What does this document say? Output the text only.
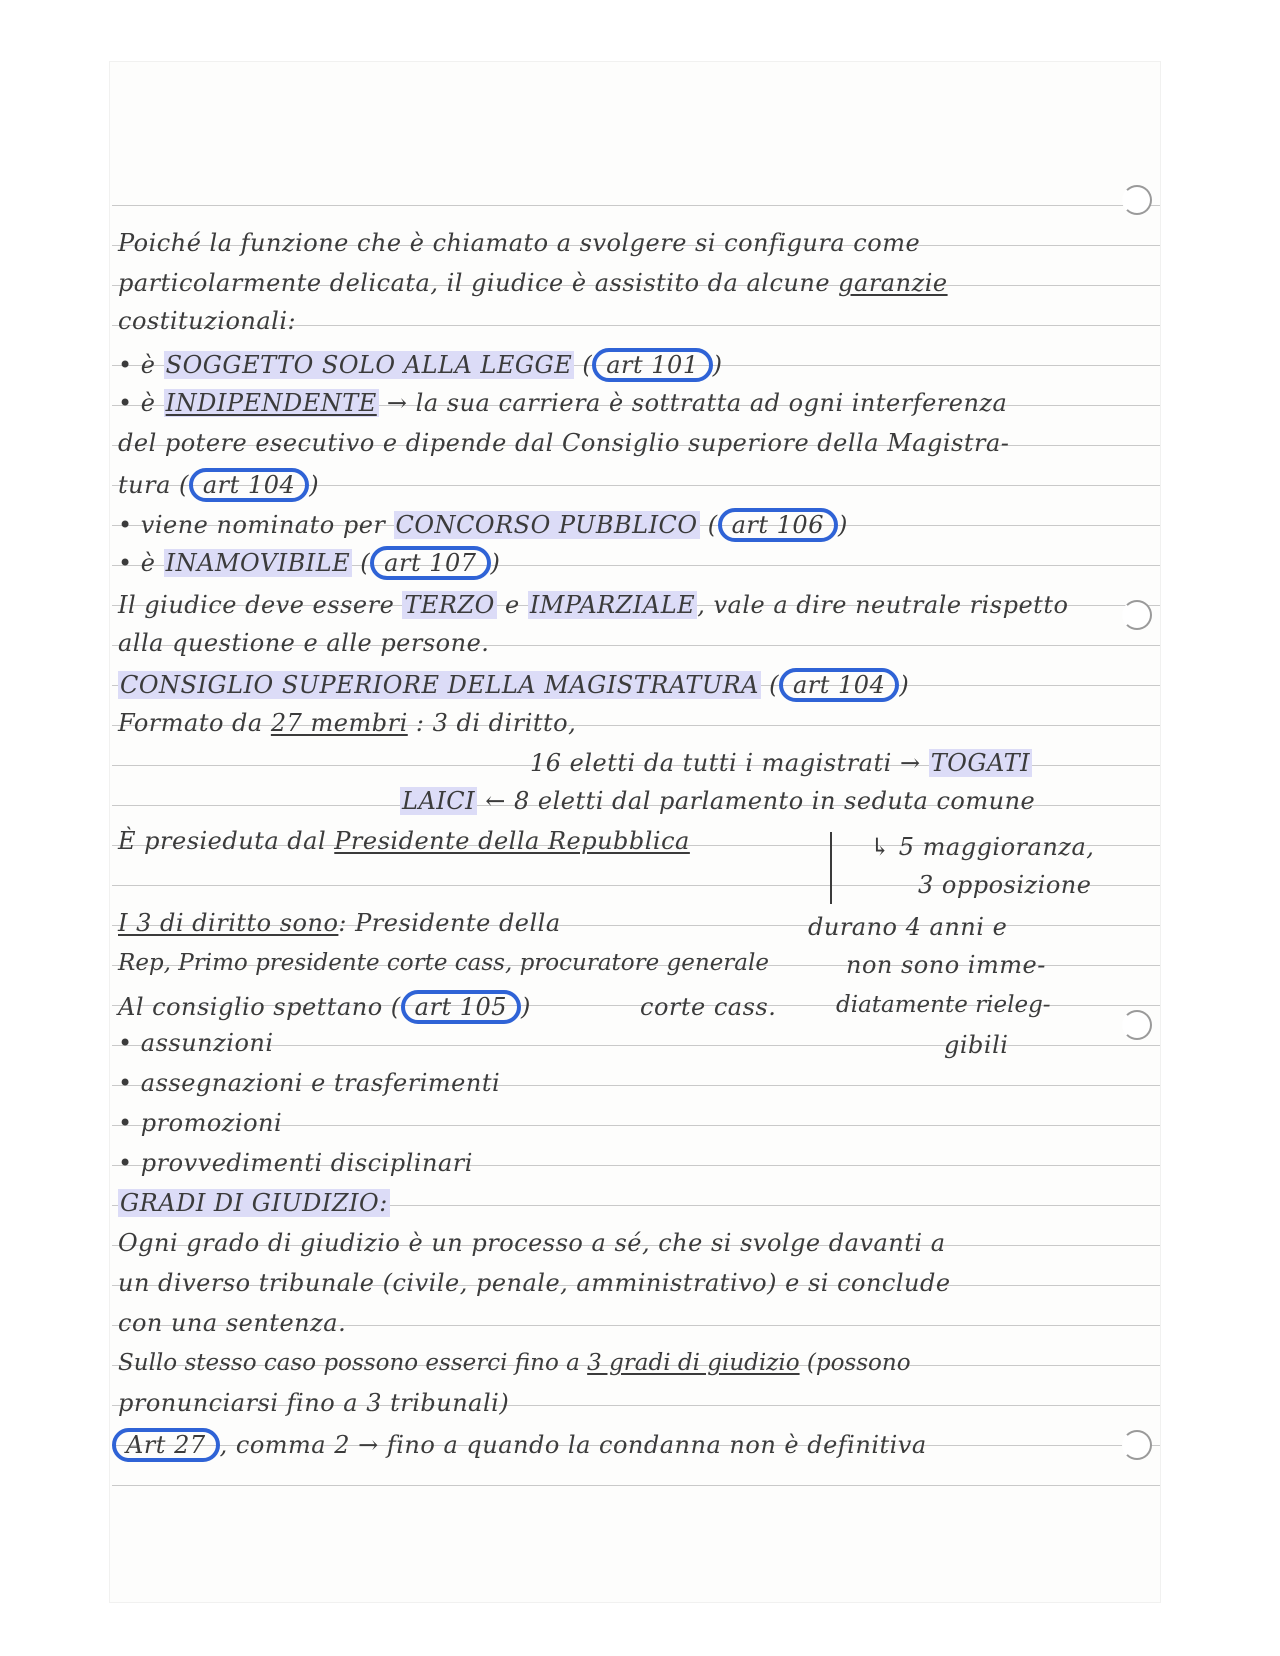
Poiché la funzione che è chiamato a svolgere si configura come
particolarmente delicata, il giudice è assistito da alcune garanzie
costituzionali:
• è SOGGETTO SOLO ALLA LEGGE ( art 101 )
• è INDIPENDENTE → la sua carriera è sottratta ad ogni interferenza
del potere esecutivo e dipende dal Consiglio superiore della Magistra-
tura ( art 104 )
• viene nominato per CONCORSO PUBBLICO ( art 106 )
• è INAMOVIBILE ( art 107 )
Il giudice deve essere TERZO e IMPARZIALE, vale a dire neutrale rispetto
alla questione e alle persone.
CONSIGLIO SUPERIORE DELLA MAGISTRATURA ( art 104 )
Formato da 27 membri : 3 di diritto,
16 eletti da tutti i magistrati → TOGATI
LAICI ← 8 eletti dal parlamento in seduta comune
È presieduta dal Presidente della Repubblica	↳ 5 maggioranza,
3 opposizione
I 3 di diritto sono: Presidente della	durano 4 anni e
Rep, Primo presidente corte cass, procuratore generale	non sono imme-
Al consiglio spettano ( art 105 )	corte cass.	diatamente rieleg-
• assunzioni	gibili
• assegnazioni e trasferimenti
• promozioni
• provvedimenti disciplinari
GRADI DI GIUDIZIO:
Ogni grado di giudizio è un processo a sé, che si svolge davanti a
un diverso tribunale (civile, penale, amministrativo) e si conclude
con una sentenza.
Sullo stesso caso possono esserci fino a 3 gradi di giudizio (possono
pronunciarsi fino a 3 tribunali)
Art 27 , comma 2 → fino a quando la condanna non è definitiva
